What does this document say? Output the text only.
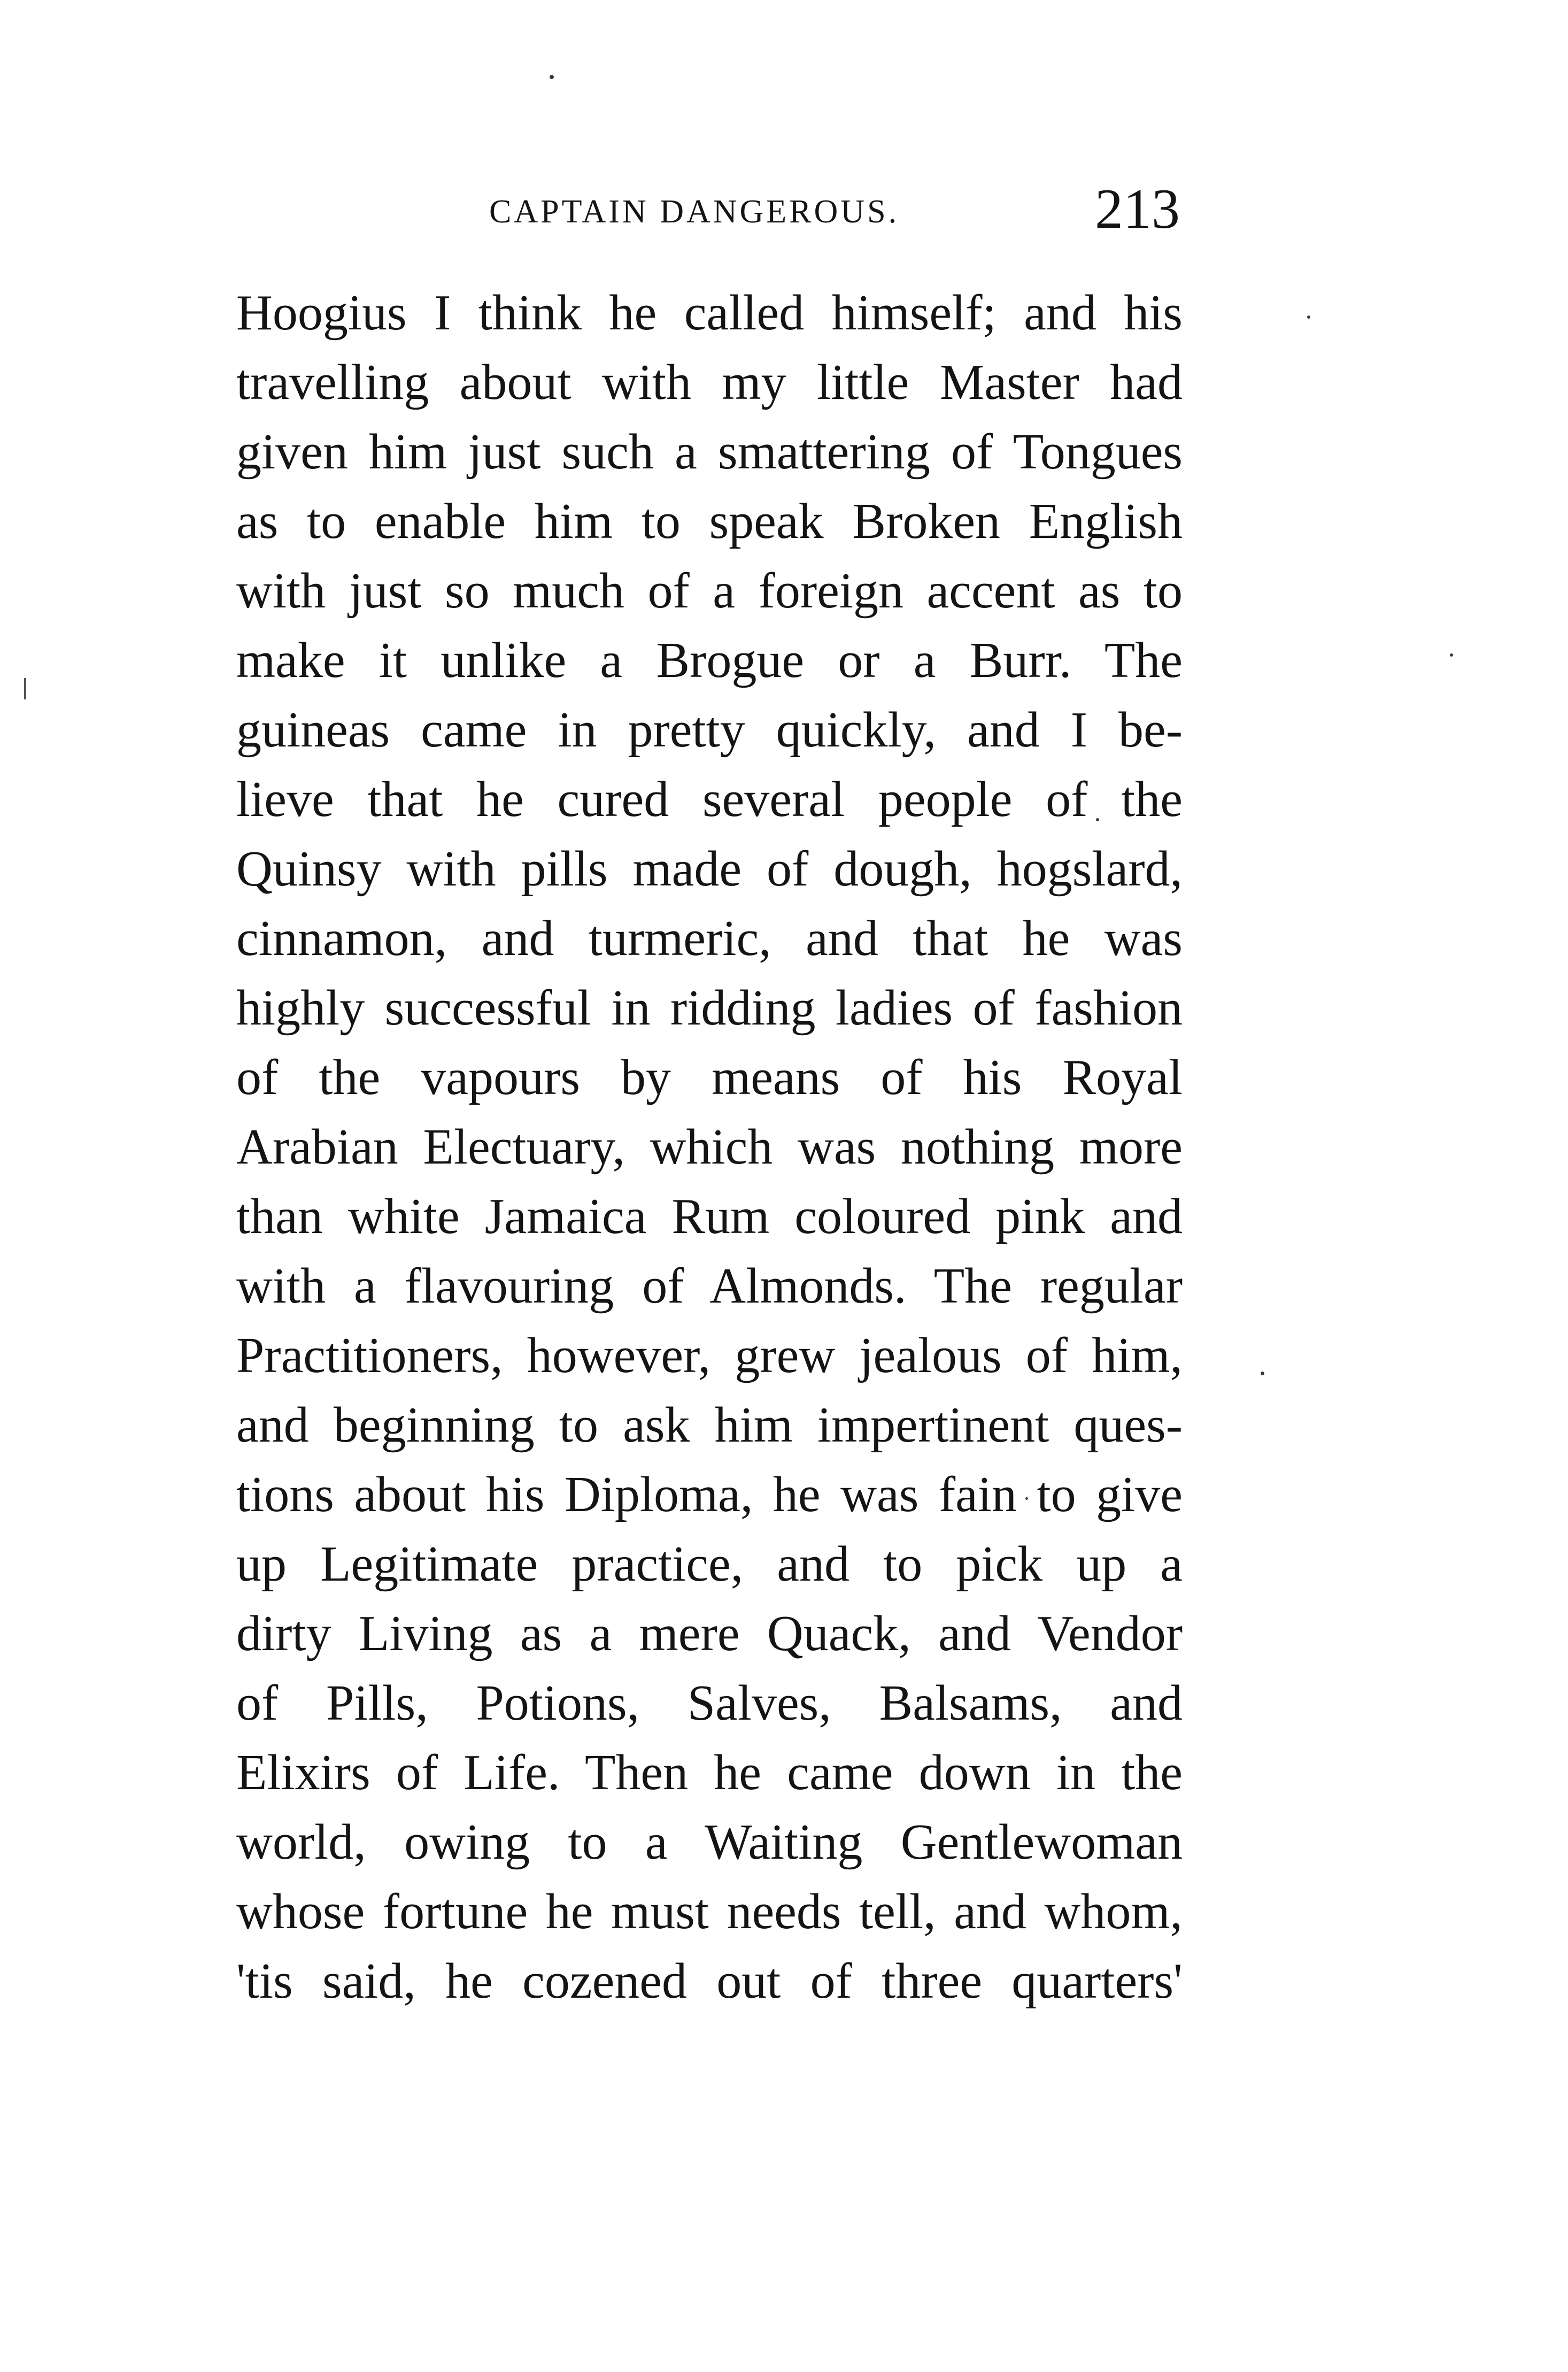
CAPTAIN DANGEROUS.	213
Hoogius I think he called himself; and his
travelling about with my little Master had
given him just such a smattering of Tongues
as to enable him to speak Broken English
with just so much of a foreign accent as to
make it unlike a Brogue or a Burr. The
guineas came in pretty quickly, and I be-
lieve that he cured several people of the
Quinsy with pills made of dough, hogslard,
cinnamon, and turmeric, and that he was
highly successful in ridding ladies of fashion
of the vapours by means of his Royal
Arabian Electuary, which was nothing more
than white Jamaica Rum coloured pink and
with a flavouring of Almonds. The regular
Practitioners, however, grew jealous of him,
and beginning to ask him impertinent ques-
tions about his Diploma, he was fain to give
up Legitimate practice, and to pick up a
dirty Living as a mere Quack, and Vendor
of Pills, Potions, Salves, Balsams, and
Elixirs of Life. Then he came down in the
world, owing to a Waiting Gentlewoman
whose fortune he must needs tell, and whom,
'tis said, he cozened out of three quarters'
